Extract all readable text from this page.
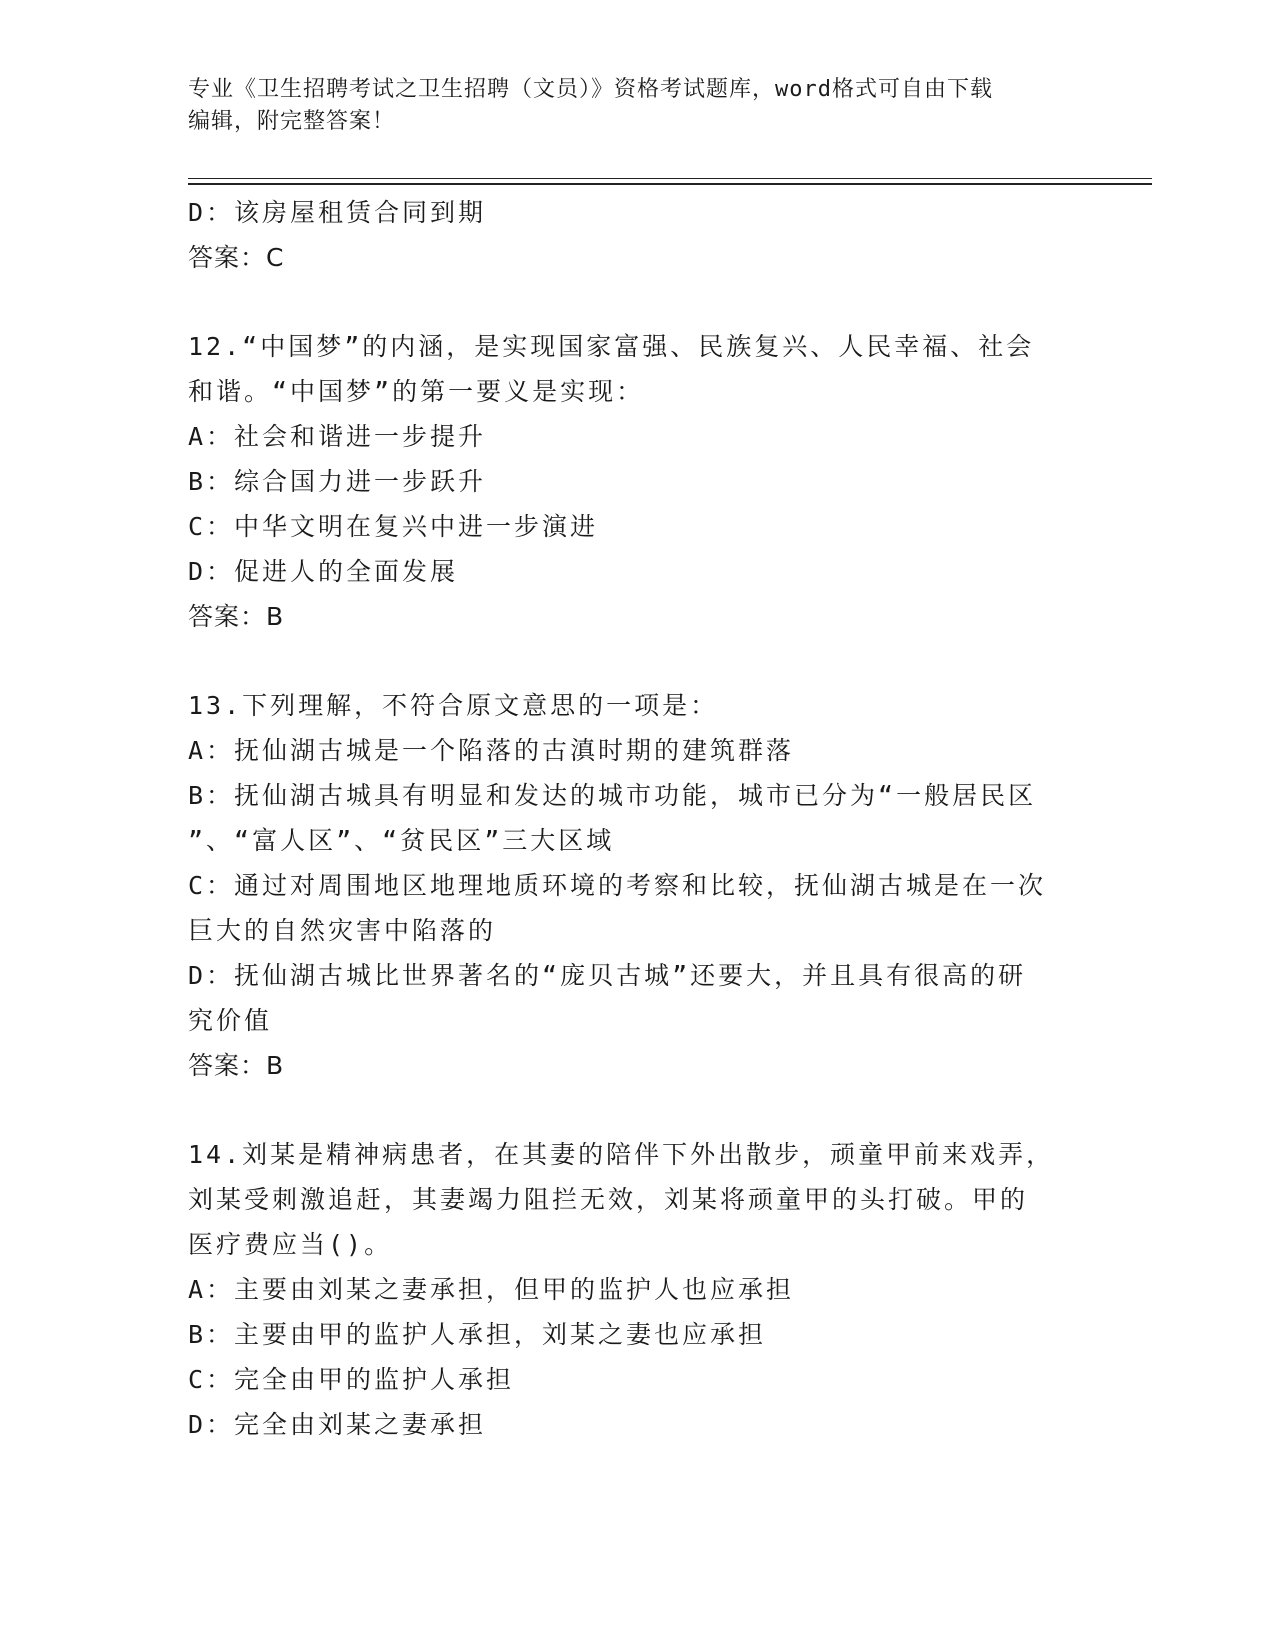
专业《卫生招聘考试之卫生招聘（文员）》资格考试题库，word格式可自由下载
编辑，附完整答案！
D：该房屋租赁合同到期
答案：C
12.“中国梦”的内涵，是实现国家富强、民族复兴、人民幸福、社会
和谐。“中国梦”的第一要义是实现：
A：社会和谐进一步提升
B：综合国力进一步跃升
C：中华文明在复兴中进一步演进
D：促进人的全面发展
答案：B
13.下列理解，不符合原文意思的一项是：
A：抚仙湖古城是一个陷落的古滇时期的建筑群落
B：抚仙湖古城具有明显和发达的城市功能，城市已分为“一般居民区
”、“富人区”、“贫民区”三大区域
C：通过对周围地区地理地质环境的考察和比较，抚仙湖古城是在一次
巨大的自然灾害中陷落的
D：抚仙湖古城比世界著名的“庞贝古城”还要大，并且具有很高的研
究价值
答案：B
14.刘某是精神病患者，在其妻的陪伴下外出散步，顽童甲前来戏弄，
刘某受刺激追赶，其妻竭力阻拦无效，刘某将顽童甲的头打破。甲的
医疗费应当()。
A：主要由刘某之妻承担，但甲的监护人也应承担
B：主要由甲的监护人承担，刘某之妻也应承担
C：完全由甲的监护人承担
D：完全由刘某之妻承担
